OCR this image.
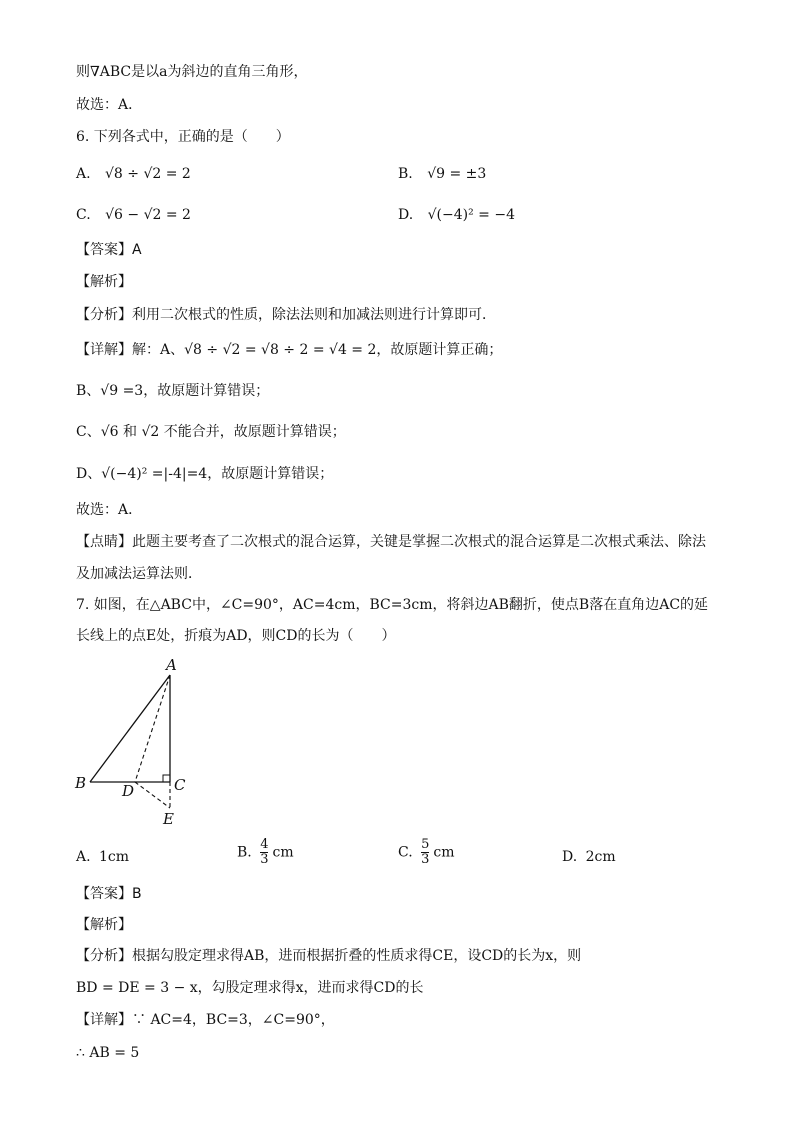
则∇ABC是以a为斜边的直角三角形，
故选：A．
6. 下列各式中，正确的是（　　）
A. √8 ÷ √2 = 2	B. √9 = ±3
C. √6 − √2 = 2	D. √(−4)² = −4
【答案】A
【解析】
【分析】利用二次根式的性质，除法法则和加减法则进行计算即可．
【详解】解：A、√8 ÷ √2 = √8 ÷ 2 = √4 = 2，故原题计算正确；
B、√9 =3，故原题计算错误；
C、√6 和 √2 不能合并，故原题计算错误；
D、√(−4)² =|-4|=4，故原题计算错误；
故选：A．
【点睛】此题主要考查了二次根式的混合运算，关键是掌握二次根式的混合运算是二次根式乘法、除法
及加减法运算法则．
7. 如图，在△ABC中，∠C=90°，AC=4cm，BC=3cm，将斜边AB翻折，使点B落在直角边AC的延
长线上的点E处，折痕为AD，则CD的长为（　　）
A
B	C
D
E
A. 1cm	B. $\frac{4}{3}$ cm	C. $\frac{5}{3}$ cm	D. 2cm
【答案】B
【解析】
【分析】根据勾股定理求得AB，进而根据折叠的性质求得CE，设CD的长为x，则
BD = DE = 3 − x，勾股定理求得x，进而求得CD的长
【详解】∵ AC=4，BC=3，∠C=90°，
∴ AB = 5
